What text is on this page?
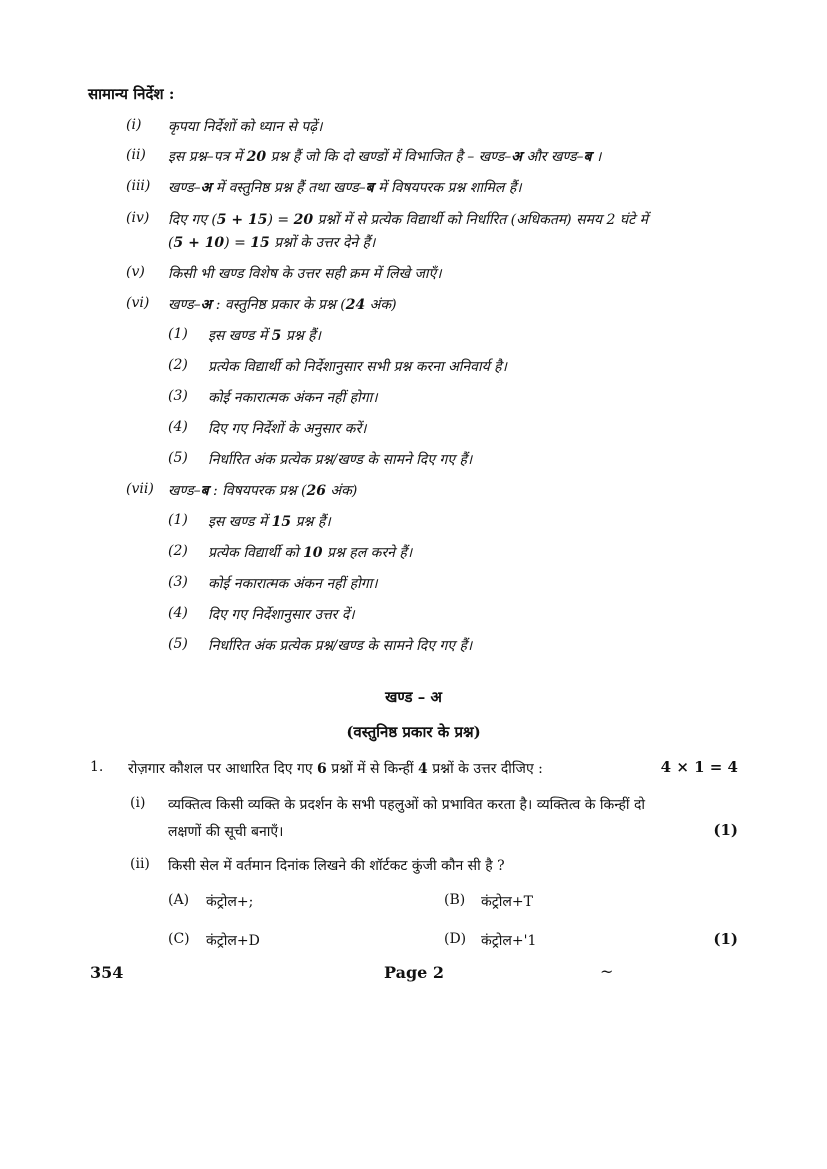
सामान्य निर्देश :
(i) कृपया निर्देशों को ध्यान से पढ़ें।
(ii) इस प्रश्न–पत्र में 20 प्रश्न हैं जो कि दो खण्डों में विभाजित है – खण्ड–अ और खण्ड–ब ।
(iii) खण्ड–अ में वस्तुनिष्ठ प्रश्न हैं तथा खण्ड–ब में विषयपरक प्रश्न शामिल हैं।
(iv) दिए गए (5 + 15) = 20 प्रश्नों में से प्रत्येक विद्यार्थी को निर्धारित (अधिकतम) समय 2 घंटे में
(5 + 10) = 15 प्रश्नों के उत्तर देने हैं।
(v) किसी भी खण्ड विशेष के उत्तर सही क्रम में लिखे जाएँ।
(vi) खण्ड–अ : वस्तुनिष्ठ प्रकार के प्रश्न (24 अंक)
(1) इस खण्ड में 5 प्रश्न हैं।
(2) प्रत्येक विद्यार्थी को निर्देशानुसार सभी प्रश्न करना अनिवार्य है।
(3) कोई नकारात्मक अंकन नहीं होगा।
(4) दिए गए निर्देशों के अनुसार करें।
(5) निर्धारित अंक प्रत्येक प्रश्न/खण्ड के सामने दिए गए हैं।
(vii) खण्ड–ब : विषयपरक प्रश्न (26 अंक)
(1) इस खण्ड में 15 प्रश्न हैं।
(2) प्रत्येक विद्यार्थी को 10 प्रश्न हल करने हैं।
(3) कोई नकारात्मक अंकन नहीं होगा।
(4) दिए गए निर्देशानुसार उत्तर दें।
(5) निर्धारित अंक प्रत्येक प्रश्न/खण्ड के सामने दिए गए हैं।
खण्ड – अ
(वस्तुनिष्ठ प्रकार के प्रश्न)
1. रोज़गार कौशल पर आधारित दिए गए 6 प्रश्नों में से किन्हीं 4 प्रश्नों के उत्तर दीजिए :	4 × 1 = 4
(i) व्यक्तित्व किसी व्यक्ति के प्रदर्शन के सभी पहलुओं को प्रभावित करता है। व्यक्तित्व के किन्हीं दो
लक्षणों की सूची बनाएँ।	(1)
(ii) किसी सेल में वर्तमान दिनांक लिखने की शॉर्टकट कुंजी कौन सी है ?
(A) कंट्रोल+;	(B) कंट्रोल+T
(C) कंट्रोल+D	(D) कंट्रोल+'1	(1)
354	Page 2	~
